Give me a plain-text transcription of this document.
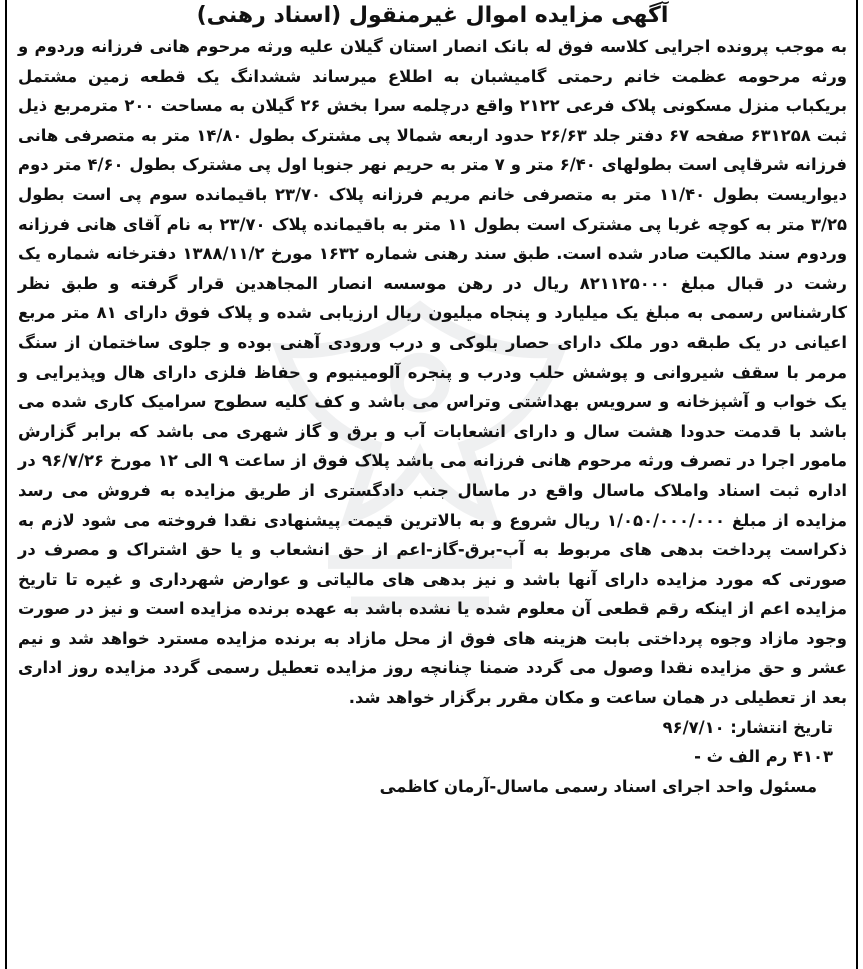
آگهی مزایده اموال غیرمنقول (اسناد رهنی)

به موجب پرونده اجرایی کلاسه فوق له بانک انصار استان گیلان علیه ورثه مرحوم هانی فرزانه وردوم و ورثه مرحومه عظمت خانم رحمتی گامیشبان به اطلاع میرساند ششدانگ یک قطعه زمین مشتمل بریکباب منزل مسکونی پلاک فرعی ۲۱۲۲ واقع درچلمه سرا بخش ۲۶ گیلان به مساحت ۲۰۰ مترمربع ذیل ثبت ۶۳۱۲۵۸ صفحه ۶۷ دفتر جلد ۲۶/۶۳ حدود اربعه شمالا پی مشترک بطول ۱۴/۸۰ متر به متصرفی هانی فرزانه شرقاپی است بطولهای ۶/۴۰ متر و ۷ متر به حریم نهر جنوبا اول پی مشترک بطول ۴/۶۰ متر دوم دیواریست بطول ۱۱/۴۰ متر به متصرفی خانم مریم فرزانه پلاک ۲۳/۷۰ باقیمانده سوم پی است بطول ۳/۲۵ متر به کوچه غربا پی مشترک است بطول ۱۱ متر به باقیمانده پلاک ۲۳/۷۰ به نام آقای هانی فرزانه وردوم سند مالکیت صادر شده است. طبق سند رهنی شماره ۱۶۳۲ مورخ ۱۳۸۸/۱۱/۲ دفترخانه شماره یک رشت در قبال مبلغ ۸۲۱۱۲۵۰۰۰ ریال در رهن موسسه انصار المجاهدین قرار گرفته و طبق نظر کارشناس رسمی به مبلغ یک میلیارد و پنجاه میلیون ریال ارزیابی شده و پلاک فوق دارای ۸۱ متر مربع اعیانی در یک طبقه دور ملک دارای حصار بلوکی و درب ورودی آهنی بوده و جلوی ساختمان از سنگ مرمر با سقف شیروانی و پوشش حلب ودرب و پنجره آلومینیوم و حفاظ فلزی دارای هال وپذیرایی و یک خواب و آشپزخانه و سرویس بهداشتی وتراس می باشد و کف کلیه سطوح سرامیک کاری شده می باشد با قدمت حدودا هشت سال و دارای انشعابات آب و برق و گاز شهری می باشد که برابر گزارش مامور اجرا در تصرف ورثه مرحوم هانی فرزانه می باشد پلاک فوق از ساعت ۹ الی ۱۲ مورخ ۹۶/۷/۲۶ در اداره ثبت اسناد واملاک ماسال واقع در ماسال جنب دادگستری از طریق مزایده به فروش می رسد مزایده از مبلغ ۱/۰۵۰/۰۰۰/۰۰۰ ریال شروع و به بالاترین قیمت پیشنهادی نقدا فروخته می شود لازم به ذکراست پرداخت بدهی های مربوط به آب-برق-گاز-اعم از حق انشعاب و یا حق اشتراک و مصرف در صورتی که مورد مزایده دارای آنها باشد و نیز بدهی های مالیاتی و عوارض شهرداری و غیره تا تاریخ مزایده اعم از اینکه رقم قطعی آن معلوم شده یا نشده باشد به عهده برنده مزایده است و نیز در صورت وجود مازاد وجوه پرداختی بابت هزینه های فوق از محل مازاد به برنده مزایده مسترد خواهد شد و نیم عشر و حق مزایده نقدا وصول می گردد ضمنا چنانچه روز مزایده تعطیل رسمی گردد مزایده روز اداری بعد از تعطیلی در همان ساعت و مکان مقرر برگزار خواهد شد.

تاریخ انتشار: ۹۶/۷/۱۰
۴۱۰۳ رم الف ث -
مسئول واحد اجرای اسناد رسمی ماسال-آرمان کاظمی
